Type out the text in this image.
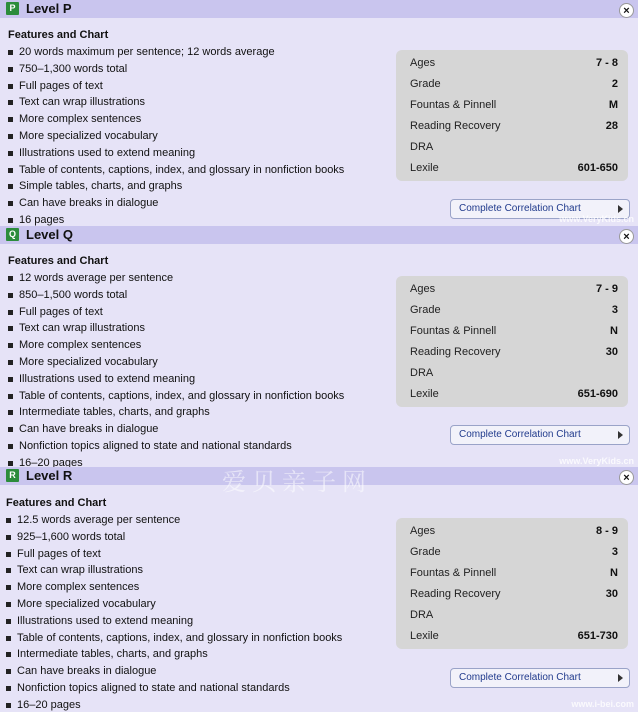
P Level P	×
Features and Chart
20 words maximum per sentence; 12 words average
750–1,300 words total
Full pages of text
Text can wrap illustrations
More complex sentences
More specialized vocabulary
Illustrations used to extend meaning
Table of contents, captions, index, and glossary in nonfiction books
Simple tables, charts, and graphs
Can have breaks in dialogue
16 pages
Ages	7 - 8
Grade	2
Fountas & Pinnell	M
Reading Recovery	28
DRA
Lexile	601-650
Complete Correlation Chart
www.VeryKids.cn
Q Level Q	×
Features and Chart
12 words average per sentence
850–1,500 words total
Full pages of text
Text can wrap illustrations
More complex sentences
More specialized vocabulary
Illustrations used to extend meaning
Table of contents, captions, index, and glossary in nonfiction books
Intermediate tables, charts, and graphs
Can have breaks in dialogue
Nonfiction topics aligned to state and national standards
16–20 pages
Ages	7 - 9
Grade	3
Fountas & Pinnell	N
Reading Recovery	30
DRA
Lexile	651-690
Complete Correlation Chart
www.VeryKids.cn
R Level R	×
Features and Chart
12.5 words average per sentence
925–1,600 words total
Full pages of text
Text can wrap illustrations
More complex sentences
More specialized vocabulary
Illustrations used to extend meaning
Table of contents, captions, index, and glossary in nonfiction books
Intermediate tables, charts, and graphs
Can have breaks in dialogue
Nonfiction topics aligned to state and national standards
16–20 pages
Ages	8 - 9
Grade	3
Fountas & Pinnell	N
Reading Recovery	30
DRA
Lexile	651-730
Complete Correlation Chart
www.i-bei.com
爱贝亲子网
